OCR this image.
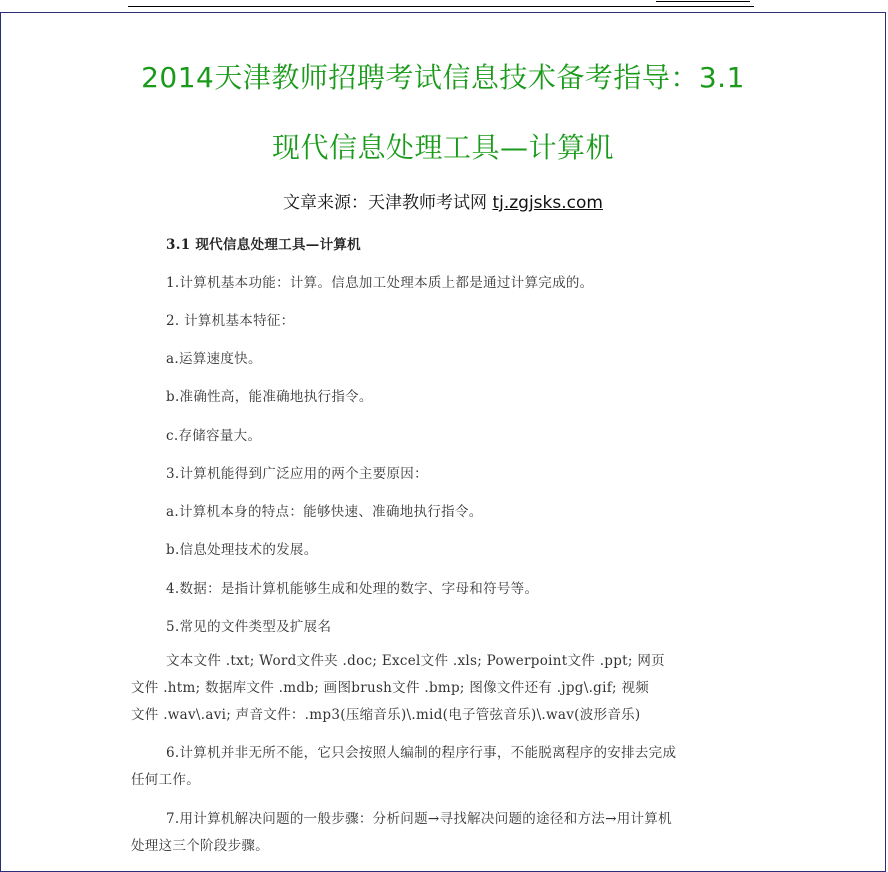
2014天津教师招聘考试信息技术备考指导：3.1
现代信息处理工具—计算机
文章来源：天津教师考试网 tj.zgjsks.com
3.1 现代信息处理工具—计算机
1.计算机基本功能：计算。信息加工处理本质上都是通过计算完成的。
2. 计算机基本特征：
a.运算速度快。
b.准确性高，能准确地执行指令。
c.存储容量大。
3.计算机能得到广泛应用的两个主要原因：
a.计算机本身的特点：能够快速、准确地执行指令。
b.信息处理技术的发展。
4.数据：是指计算机能够生成和处理的数字、字母和符号等。
5.常见的文件类型及扩展名
文本文件 .txt; Word文件夹 .doc; Excel文件 .xls; Powerpoint文件 .ppt; 网页
文件 .htm; 数据库文件 .mdb; 画图brush文件 .bmp; 图像文件还有 .jpg\.gif; 视频
文件 .wav\.avi; 声音文件：.mp3(压缩音乐)\.mid(电子管弦音乐)\.wav(波形音乐)
6.计算机并非无所不能，它只会按照人编制的程序行事，不能脱离程序的安排去完成
任何工作。
7.用计算机解决问题的一般步骤：分析问题→寻找解决问题的途径和方法→用计算机
处理这三个阶段步骤。
